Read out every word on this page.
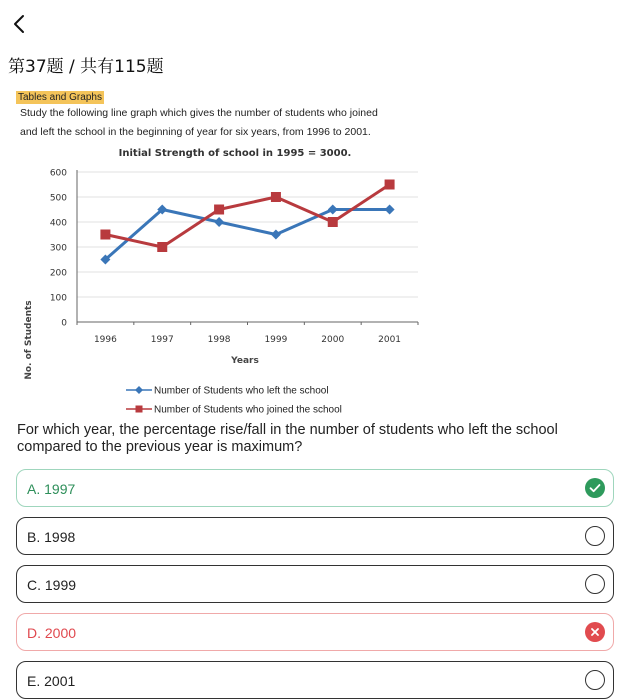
第37题 / 共有115题
Tables and Graphs
Study the following line graph which gives the number of students who joined
and left the school in the beginning of year for six years, from 1996 to 2001.
Initial Strength of school in 1995 = 3000.
No. of Students	Years
0
100
200
300
400
500
600
1996	1997	1998	1999	2000	2001
Number of Students who left the school
Number of Students who joined the school
For which year, the percentage rise/fall in the number of students who left the school compared to the previous year is maximum?
A. 1997
B. 1998
C. 1999
D. 2000
E. 2001
